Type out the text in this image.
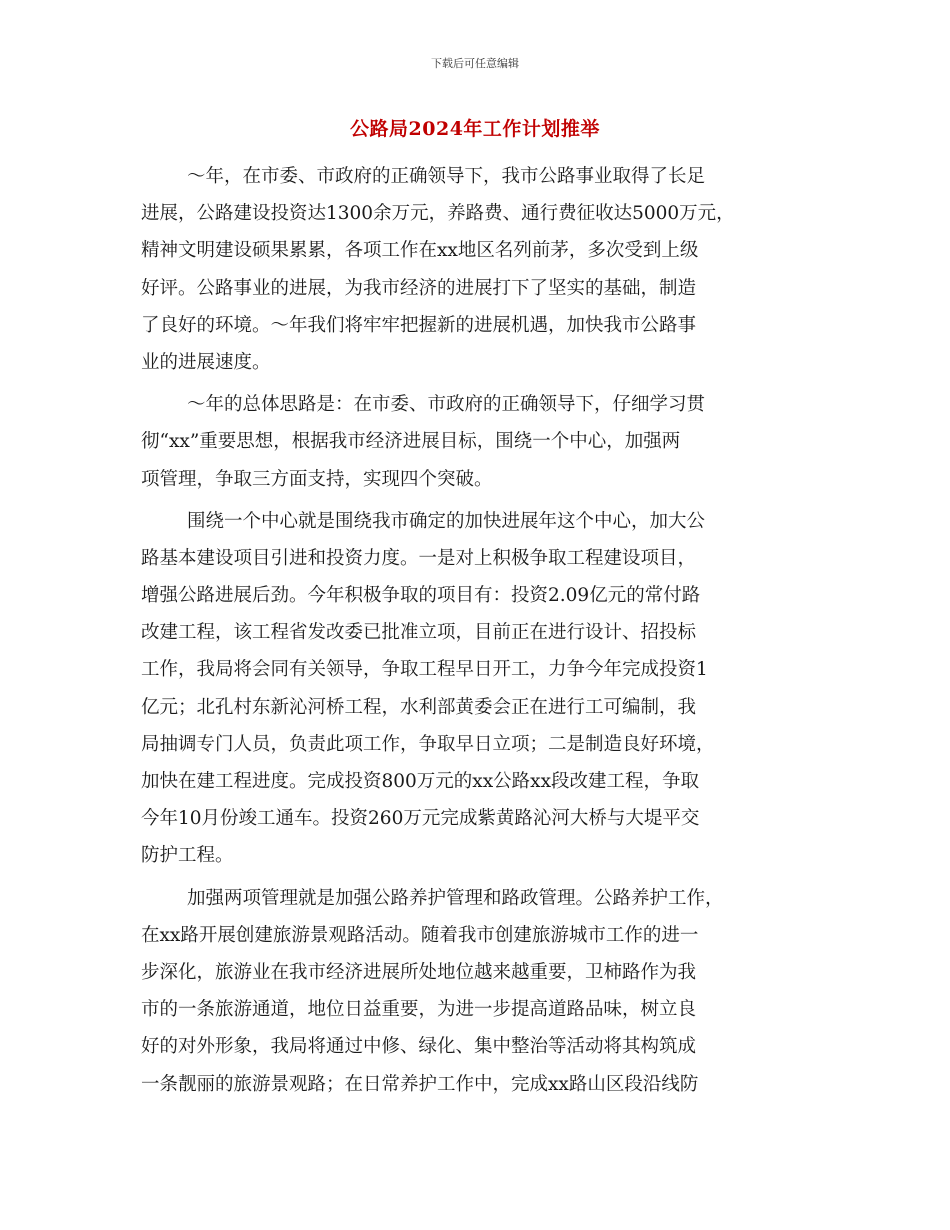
下载后可任意编辑
公路局2024年工作计划推举
～年，在市委、市政府的正确领导下，我市公路事业取得了长足
进展，公路建设投资达1300余万元，养路费、通行费征收达5000万元，
精神文明建设硕果累累，各项工作在xx地区名列前茅，多次受到上级
好评。公路事业的进展，为我市经济的进展打下了坚实的基础，制造
了良好的环境。～年我们将牢牢把握新的进展机遇，加快我市公路事
业的进展速度。
～年的总体思路是：在市委、市政府的正确领导下，仔细学习贯
彻“xx”重要思想，根据我市经济进展目标，围绕一个中心，加强两
项管理，争取三方面支持，实现四个突破。
围绕一个中心就是围绕我市确定的加快进展年这个中心，加大公
路基本建设项目引进和投资力度。一是对上积极争取工程建设项目，
增强公路进展后劲。今年积极争取的项目有：投资2.09亿元的常付路
改建工程，该工程省发改委已批准立项，目前正在进行设计、招投标
工作，我局将会同有关领导，争取工程早日开工，力争今年完成投资1
亿元；北孔村东新沁河桥工程，水利部黄委会正在进行工可编制，我
局抽调专门人员，负责此项工作，争取早日立项；二是制造良好环境，
加快在建工程进度。完成投资800万元的xx公路xx段改建工程，争取
今年10月份竣工通车。投资260万元完成紫黄路沁河大桥与大堤平交
防护工程。
加强两项管理就是加强公路养护管理和路政管理。公路养护工作，
在xx路开展创建旅游景观路活动。随着我市创建旅游城市工作的进一
步深化，旅游业在我市经济进展所处地位越来越重要，卫柿路作为我
市的一条旅游通道，地位日益重要，为进一步提高道路品味，树立良
好的对外形象，我局将通过中修、绿化、集中整治等活动将其构筑成
一条靓丽的旅游景观路；在日常养护工作中，完成xx路山区段沿线防
